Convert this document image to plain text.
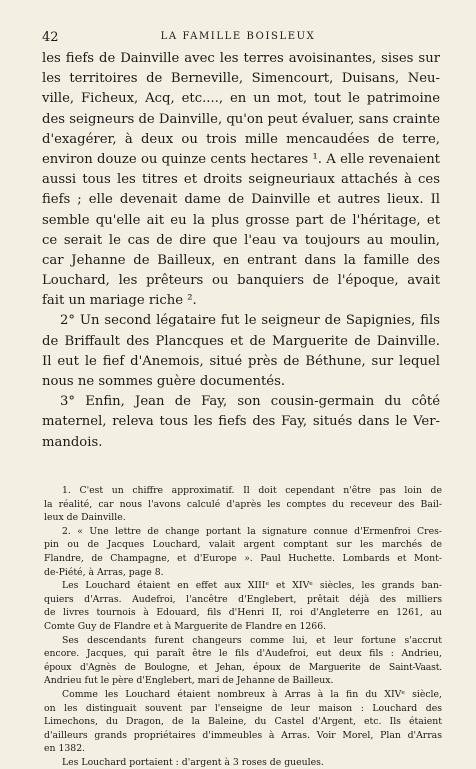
42	LA FAMILLE BOISLEUX
les fiefs de Dainville avec les terres avoisinantes, sises sur
les territoires de Berneville, Simencourt, Duisans, Neu-
ville, Ficheux, Acq, etc...., en un mot, tout le patrimoine
des seigneurs de Dainville, qu'on peut évaluer, sans crainte
d'exagérer, à deux ou trois mille mencaudées de terre,
environ douze ou quinze cents hectares ¹. A elle revenaient
aussi tous les titres et droits seigneuriaux attachés à ces
fiefs ; elle devenait dame de Dainville et autres lieux. Il
semble qu'elle ait eu la plus grosse part de l'héritage, et
ce serait le cas de dire que l'eau va toujours au moulin,
car Jehanne de Bailleux, en entrant dans la famille des
Louchard, les prêteurs ou banquiers de l'époque, avait
fait un mariage riche ².
2° Un second légataire fut le seigneur de Sapignies, fils
de Briffault des Plancques et de Marguerite de Dainville.
Il eut le fief d'Anemois, situé près de Béthune, sur lequel
nous ne sommes guère documentés.
3° Enfin, Jean de Fay, son cousin-germain du côté
maternel, releva tous les fiefs des Fay, situés dans le Ver-
mandois.
1. C'est un chiffre approximatif. Il doit cependant n'être pas loin de
la réalité, car nous l'avons calculé d'après les comptes du receveur des Bail-
leux de Dainville.
2. « Une lettre de change portant la signature connue d'Ermenfroi Cres-
pin ou de Jacques Louchard, valait argent comptant sur les marchés de
Flandre, de Champagne, et d'Europe ». Paul Huchette. Lombards et Mont-
de-Piété, à Arras, page 8.
Les Louchard étaient en effet aux XIIIᵉ et XIVᵉ siècles, les grands ban-
quiers d'Arras. Audefroi, l'ancêtre d'Englebert, prêtait déjà des milliers
de livres tournois à Edouard, fils d'Henri II, roi d'Angleterre en 1261, au
Comte Guy de Flandre et à Marguerite de Flandre en 1266.
Ses descendants furent changeurs comme lui, et leur fortune s'accrut
encore. Jacques, qui paraît être le fils d'Audefroi, eut deux fils : Andrieu,
époux d'Agnès de Boulogne, et Jehan, époux de Marguerite de Saint-Vaast.
Andrieu fut le père d'Englebert, mari de Jehanne de Bailleux.
Comme les Louchard étaient nombreux à Arras à la fin du XIVᵉ siècle,
on les distinguait souvent par l'enseigne de leur maison : Louchard des
Limechons, du Dragon, de la Baleine, du Castel d'Argent, etc. Ils étaient
d'ailleurs grands propriétaires d'immeubles à Arras. Voir Morel, Plan d'Arras
en 1382.
Les Louchard portaient : d'argent à 3 roses de gueules.
